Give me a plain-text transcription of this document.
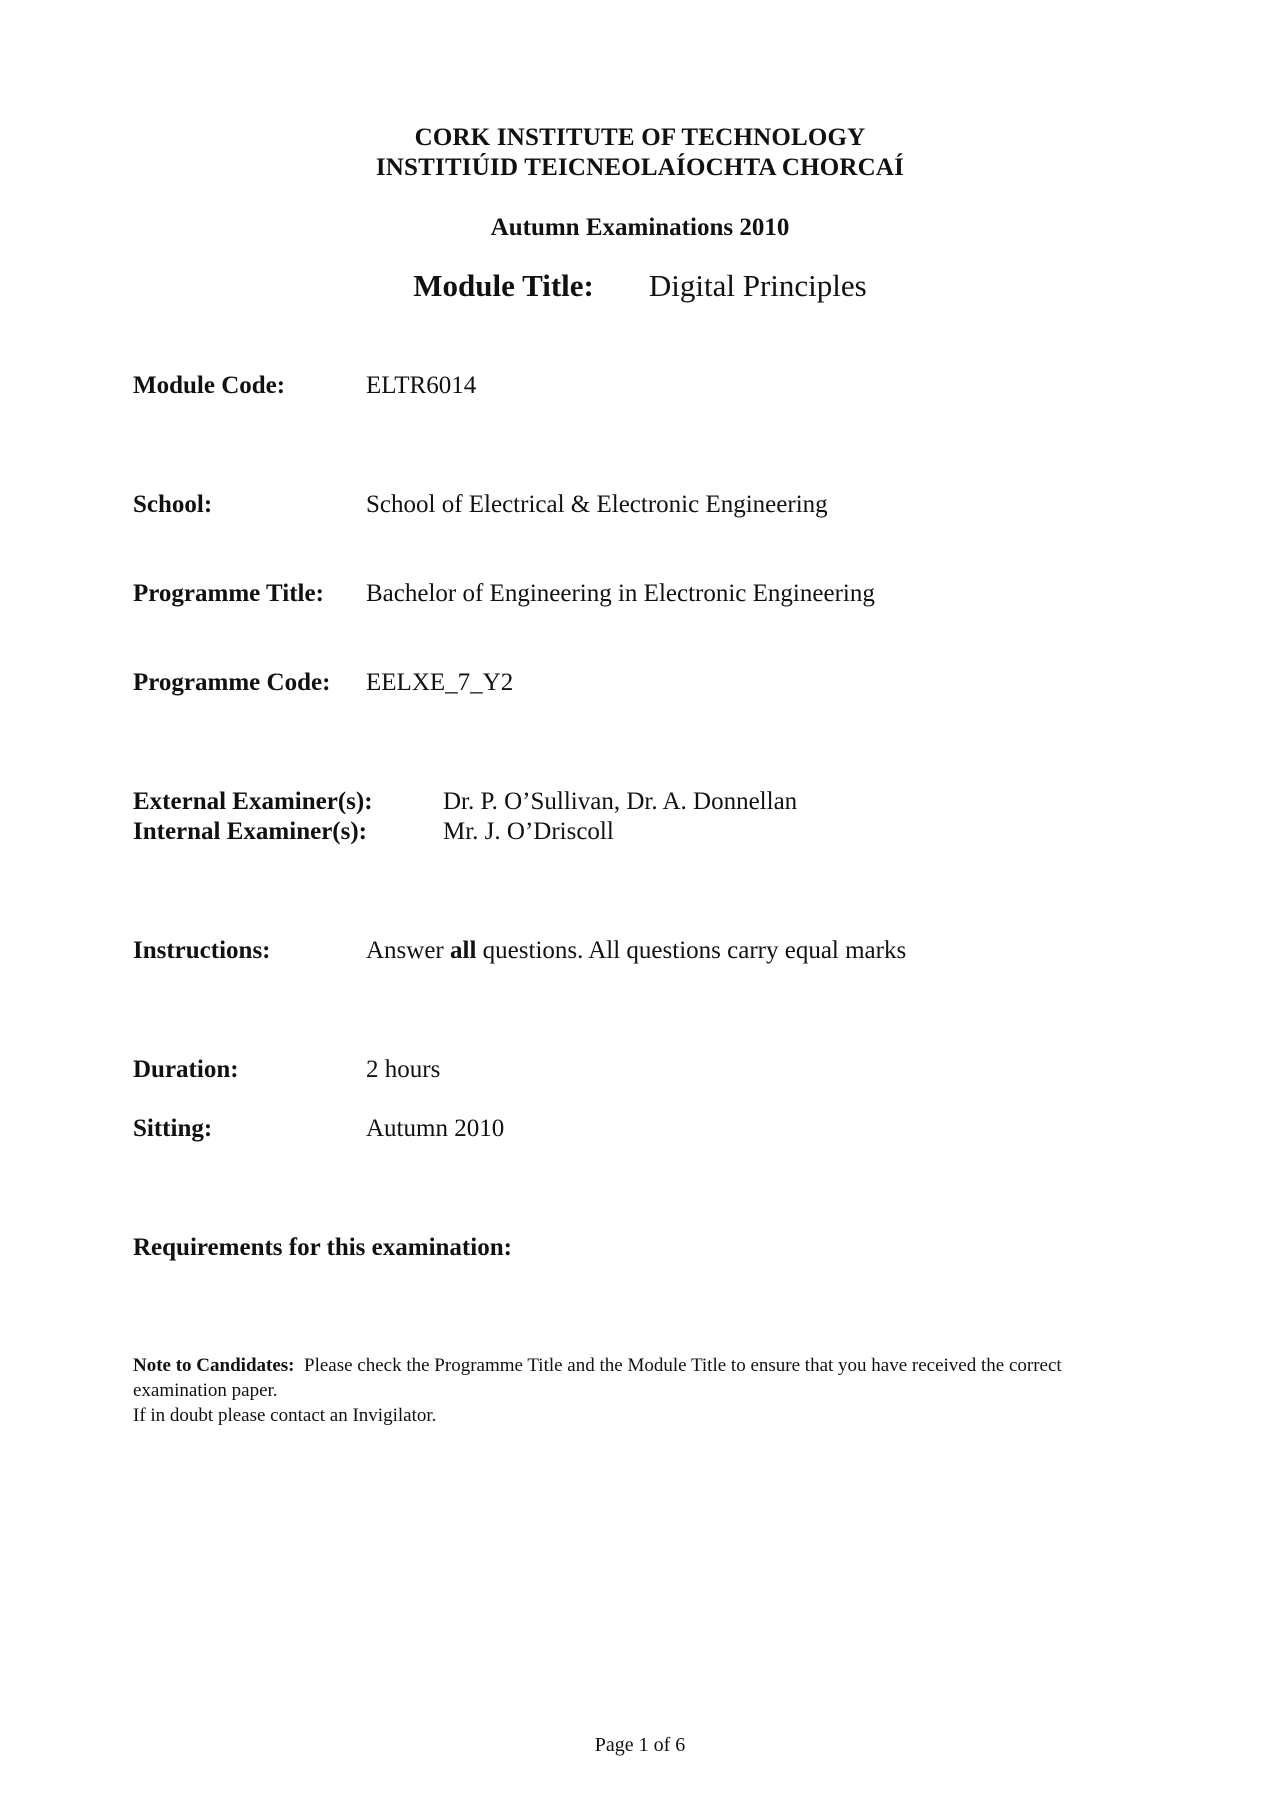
CORK INSTITUTE OF TECHNOLOGY
INSTITIÚID TEICNEOLAÍOCHTA CHORCAÍ
Autumn Examinations 2010
Module Title: Digital Principles
Module Code:	ELTR6014
School:	School of Electrical & Electronic Engineering
Programme Title: Bachelor of Engineering in Electronic Engineering
Programme Code: EELXE_7_Y2
External Examiner(s):	Dr. P. O’Sullivan, Dr. A. Donnellan
Internal Examiner(s):	Mr. J. O’Driscoll
Instructions:	Answer all questions. All questions carry equal marks
Duration:	2 hours
Sitting:	Autumn 2010
Requirements for this examination:

Note to Candidates: Please check the Programme Title and the Module Title to ensure that you have received the correct examination paper.

If in doubt please contact an Invigilator.

Page 1 of 6
